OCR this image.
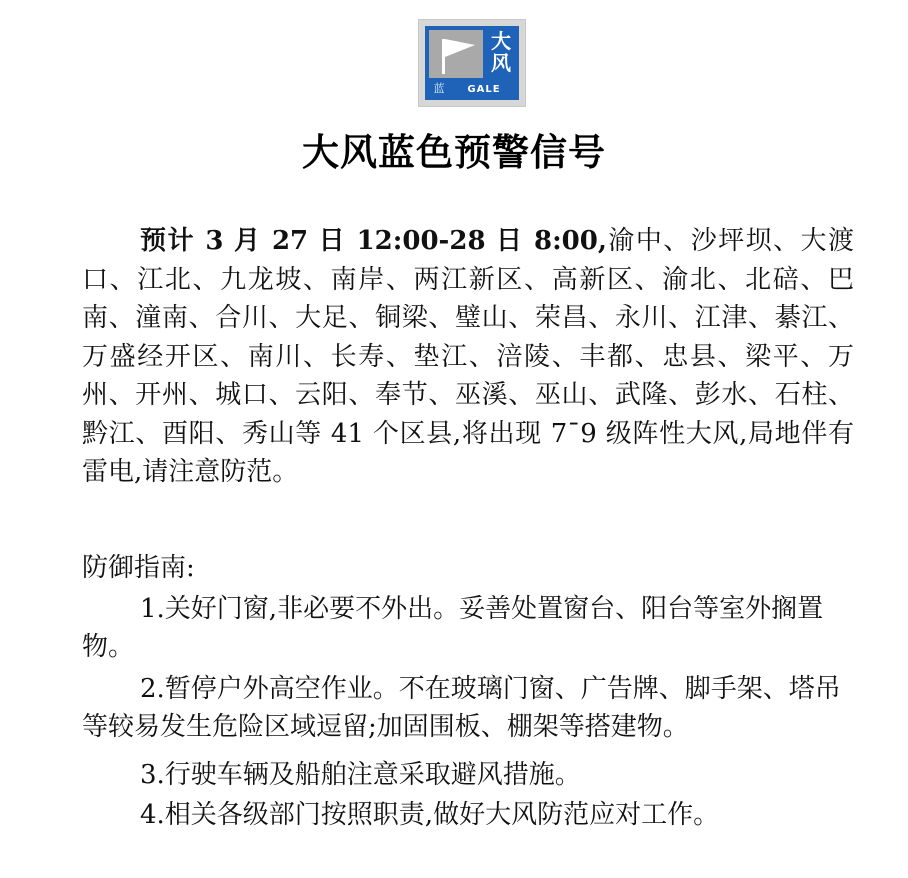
大
风
蓝	GALE
大风蓝色预警信号
预计 3 月 27 日 12:00-28 日 8:00,渝中、沙坪坝、大渡口、江北、九龙坡、南岸、两江新区、高新区、渝北、北碚、巴南、潼南、合川、大足、铜梁、璧山、荣昌、永川、江津、綦江、万盛经开区、南川、长寿、垫江、涪陵、丰都、忠县、梁平、万州、开州、城口、云阳、奉节、巫溪、巫山、武隆、彭水、石柱、黔江、酉阳、秀山等 41 个区县,将出现 7¯9 级阵性大风,局地伴有雷电,请注意防范。
防御指南:
1.关好门窗,非必要不外出。妥善处置窗台、阳台等室外搁置物。
2.暂停户外高空作业。不在玻璃门窗、广告牌、脚手架、塔吊等较易发生危险区域逗留;加固围板、棚架等搭建物。
3.行驶车辆及船舶注意采取避风措施。
4.相关各级部门按照职责,做好大风防范应对工作。
